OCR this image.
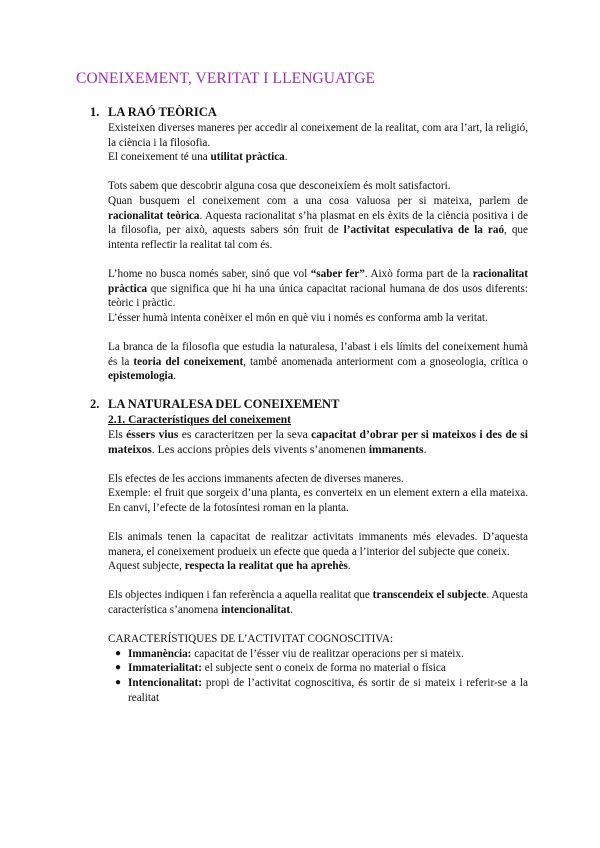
CONEIXEMENT, VERITAT I LLENGUATGE
1. LA RAÓ TEÒRICA

Existeixen diverses maneres per accedir al coneixement de la realitat, com ara l’art, la religió, la ciència i la filosofia.

El coneixement té una utilitat pràctica.

Tots sabem que descobrir alguna cosa que desconeixíem és molt satisfactori.

Quan busquem el coneixement com a una cosa valuosa per si mateixa, parlem de racionalitat teòrica. Aquesta racionalitat s’ha plasmat en els èxits de la ciència positiva i de la filosofia, per això, aquests sabers són fruit de l’activitat especulativa de la raó, que intenta reflectir la realitat tal com és.

L’home no busca només saber, sinó que vol “saber fer”. Això forma part de la racionalitat pràctica que significa que hi ha una única capacitat racional humana de dos usos diferents: teòric i pràctic.

L’ésser humà intenta conèixer el món en què viu i només es conforma amb la veritat.

La branca de la filosofia que estudia la naturalesa, l’abast i els límits del coneixement humà és la teoria del coneixement, també anomenada anteriorment com a gnoseologia, crítica o epistemologia.

2. LA NATURALESA DEL CONEIXEMENT

2.1. Característiques del coneixement

Els éssers vius es caracteritzen per la seva capacitat d’obrar per si mateixos i des de si mateixos. Les accions pròpies dels vivents s’anomenen immanents.

Els efectes de les accions immanents afecten de diverses maneres.

Exemple: el fruit que sorgeix d’una planta, es converteix en un element extern a ella mateixa. En canvi, l’efecte de la fotosíntesi roman en la planta.

Els animals tenen la capacitat de realitzar activitats immanents més elevades. D’aquesta manera, el coneixement produeix un efecte que queda a l’interior del subjecte que coneix.

Aquest subjecte, respecta la realitat que ha aprehès.

Els objectes indiquen i fan referència a aquella realitat que transcendeix el subjecte. Aquesta característica s’anomena intencionalitat.

CARACTERÍSTIQUES DE L’ACTIVITAT COGNOSCITIVA:

● Immanència: capacitat de l’ésser viu de realitzar operacions per si mateix.
● Immaterialitat: el subjecte sent o coneix de forma no material o física
● Intencionalitat: propi de l’activitat cognoscitiva, és sortir de si mateix i referir-se a la realitat
